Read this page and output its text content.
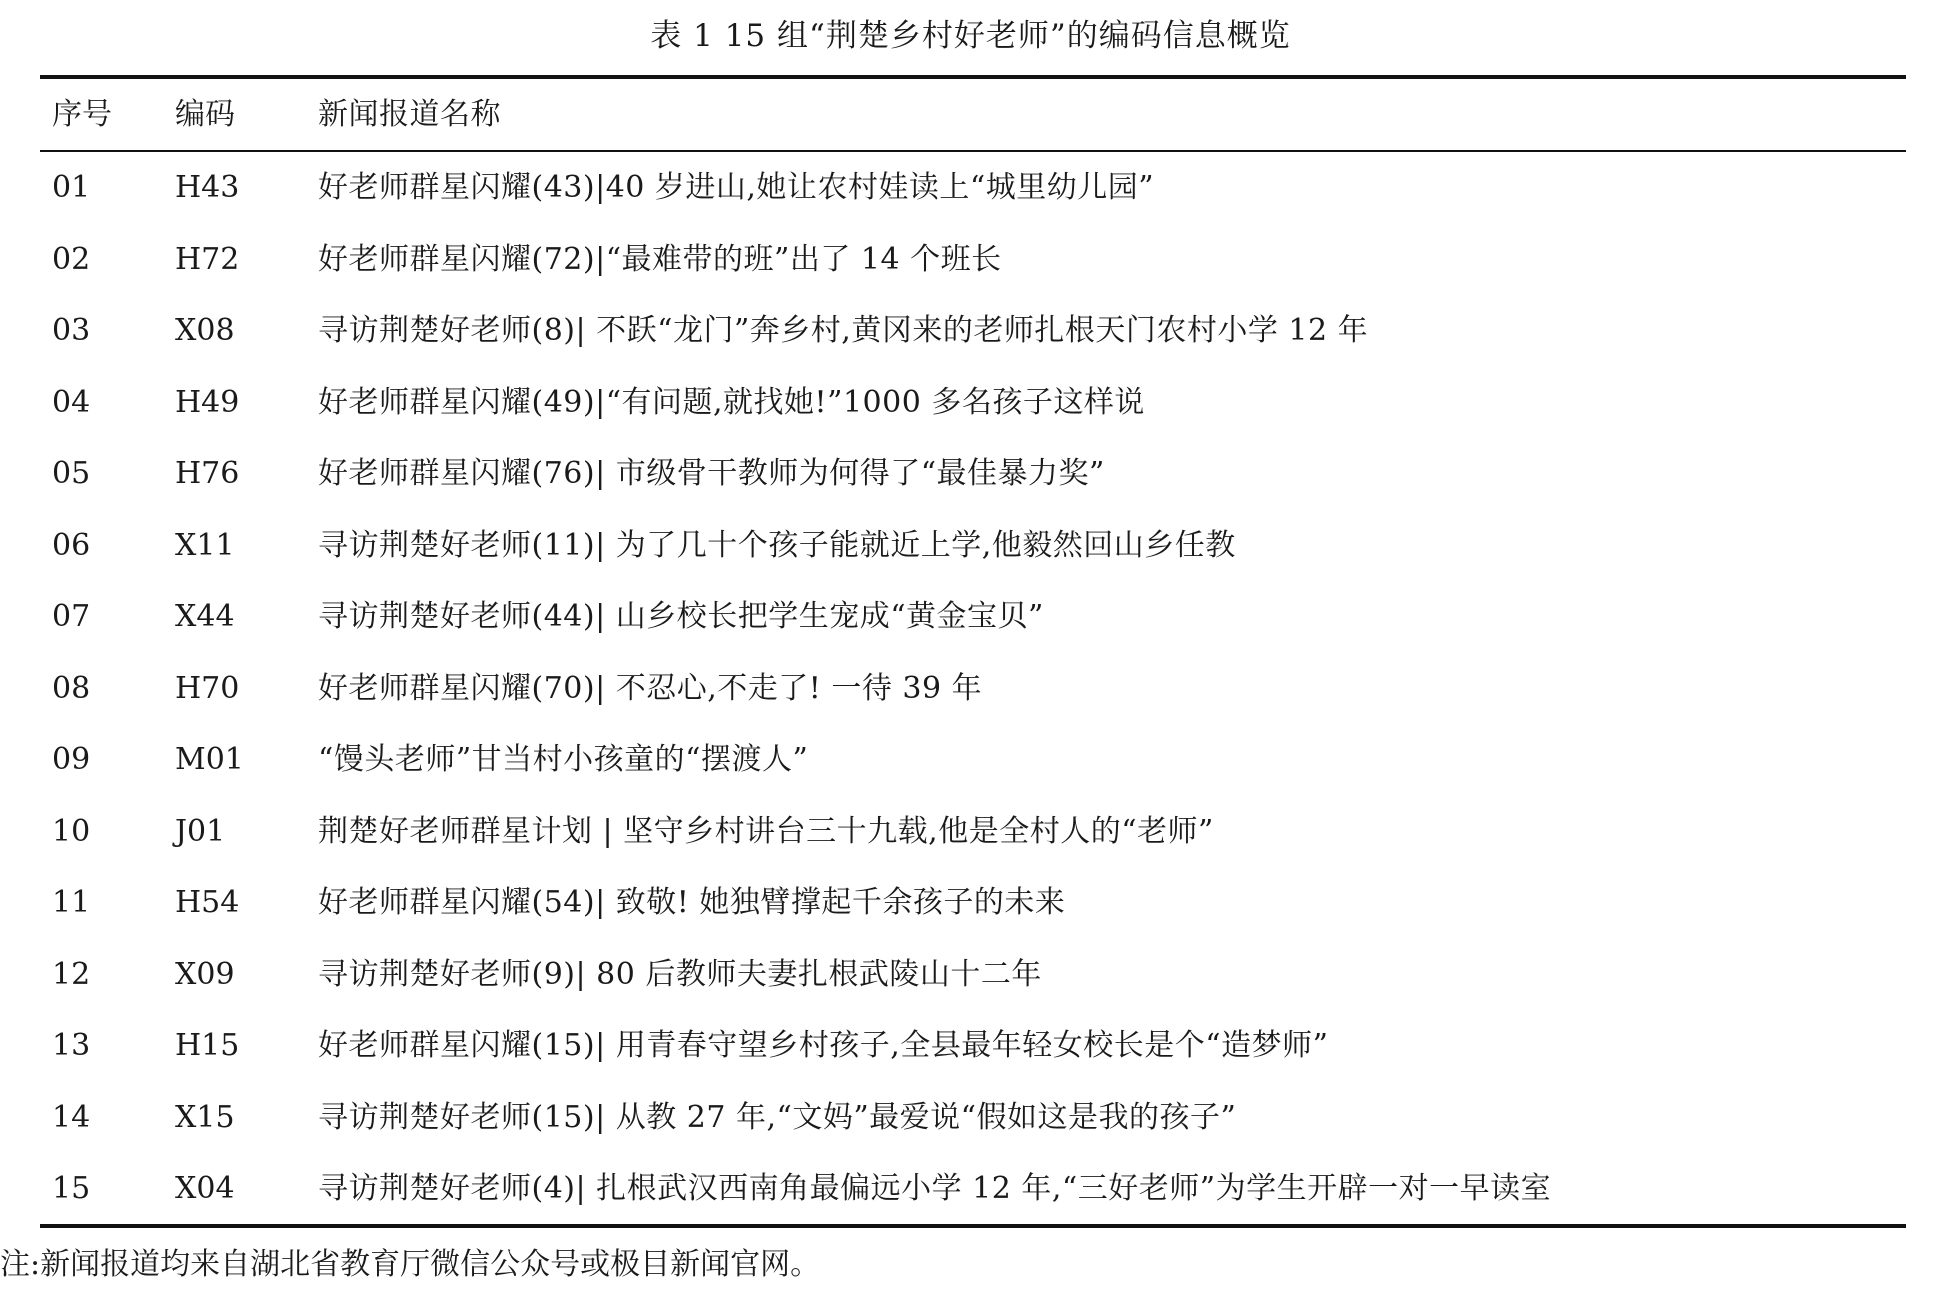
表 1 15 组“荆楚乡村好老师”的编码信息概览
序号 编码	新闻报道名称
01	H43	好老师群星闪耀(43)|40 岁进山,她让农村娃读上“城里幼儿园”
02	H72	好老师群星闪耀(72)|“最难带的班”出了 14 个班长
03	X08	寻访荆楚好老师(8)| 不跃“龙门”奔乡村,黄冈来的老师扎根天门农村小学 12 年
04	H49	好老师群星闪耀(49)|“有问题,就找她!”1000 多名孩子这样说
05	H76	好老师群星闪耀(76)| 市级骨干教师为何得了“最佳暴力奖”
06	X11	寻访荆楚好老师(11)| 为了几十个孩子能就近上学,他毅然回山乡任教
07	X44	寻访荆楚好老师(44)| 山乡校长把学生宠成“黄金宝贝”
08	H70	好老师群星闪耀(70)| 不忍心,不走了! 一待 39 年
09	M01 “馒头老师”甘当村小孩童的“摆渡人”
10	J01	荆楚好老师群星计划 | 坚守乡村讲台三十九载,他是全村人的“老师”
11	H54	好老师群星闪耀(54)| 致敬! 她独臂撑起千余孩子的未来
12	X09	寻访荆楚好老师(9)| 80 后教师夫妻扎根武陵山十二年
13	H15	好老师群星闪耀(15)| 用青春守望乡村孩子,全县最年轻女校长是个“造梦师”
14	X15	寻访荆楚好老师(15)| 从教 27 年,“文妈”最爱说“假如这是我的孩子”
15	X04	寻访荆楚好老师(4)| 扎根武汉西南角最偏远小学 12 年,“三好老师”为学生开辟一对一早读室
注:新闻报道均来自湖北省教育厅微信公众号或极目新闻官网。
